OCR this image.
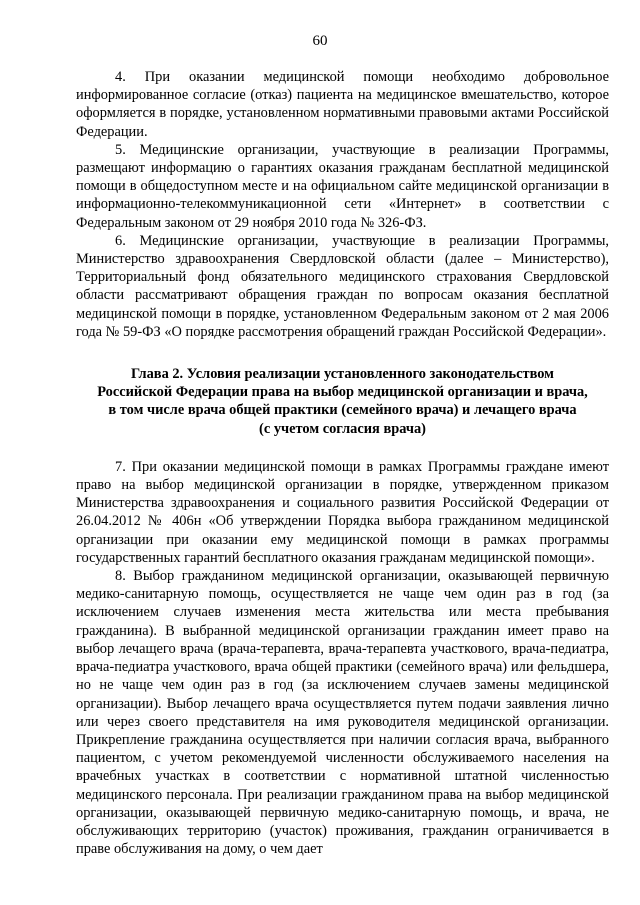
60

4. При оказании медицинской помощи необходимо добровольное информированное согласие (отказ) пациента на медицинское вмешательство, которое оформляется в порядке, установленном нормативными правовыми актами Российской Федерации.

5. Медицинские организации, участвующие в реализации Программы, размещают информацию о гарантиях оказания гражданам бесплатной медицинской помощи в общедоступном месте и на официальном сайте медицинской организации в информационно-телекоммуникационной сети «Интернет» в соответствии с Федеральным законом от 29 ноября 2010 года № 326-ФЗ.

6. Медицинские организации, участвующие в реализации Программы, Министерство здравоохранения Свердловской области (далее – Министерство), Территориальный фонд обязательного медицинского страхования Свердловской области рассматривают обращения граждан по вопросам оказания бесплатной медицинской помощи в порядке, установленном Федеральным законом от 2 мая 2006 года № 59-ФЗ «О порядке рассмотрения обращений граждан Российской Федерации».

Глава 2. Условия реализации установленного законодательством
Российской Федерации права на выбор медицинской организации и врача,
в том числе врача общей практики (семейного врача) и лечащего врача
(с учетом согласия врача)

7. При оказании медицинской помощи в рамках Программы граждане имеют право на выбор медицинской организации в порядке, утвержденном приказом Министерства здравоохранения и социального развития Российской Федерации от 26.04.2012 № 406н «Об утверждении Порядка выбора гражданином медицинской организации при оказании ему медицинской помощи в рамках программы государственных гарантий бесплатного оказания гражданам медицинской помощи».

8. Выбор гражданином медицинской организации, оказывающей первичную медико-санитарную помощь, осуществляется не чаще чем один раз в год (за исключением случаев изменения места жительства или места пребывания гражданина). В выбранной медицинской организации гражданин имеет право на выбор лечащего врача (врача-терапевта, врача-терапевта участкового, врача-педиатра, врача-педиатра участкового, врача общей практики (семейного врача) или фельдшера, но не чаще чем один раз в год (за исключением случаев замены медицинской организации). Выбор лечащего врача осуществляется путем подачи заявления лично или через своего представителя на имя руководителя медицинской организации. Прикрепление гражданина осуществляется при наличии согласия врача, выбранного пациентом, с учетом рекомендуемой численности обслуживаемого населения на врачебных участках в соответствии с нормативной штатной численностью медицинского персонала. При реализации гражданином права на выбор медицинской организации, оказывающей первичную медико-санитарную помощь, и врача, не обслуживающих территорию (участок) проживания, гражданин ограничивается в праве обслуживания на дому, о чем дает
